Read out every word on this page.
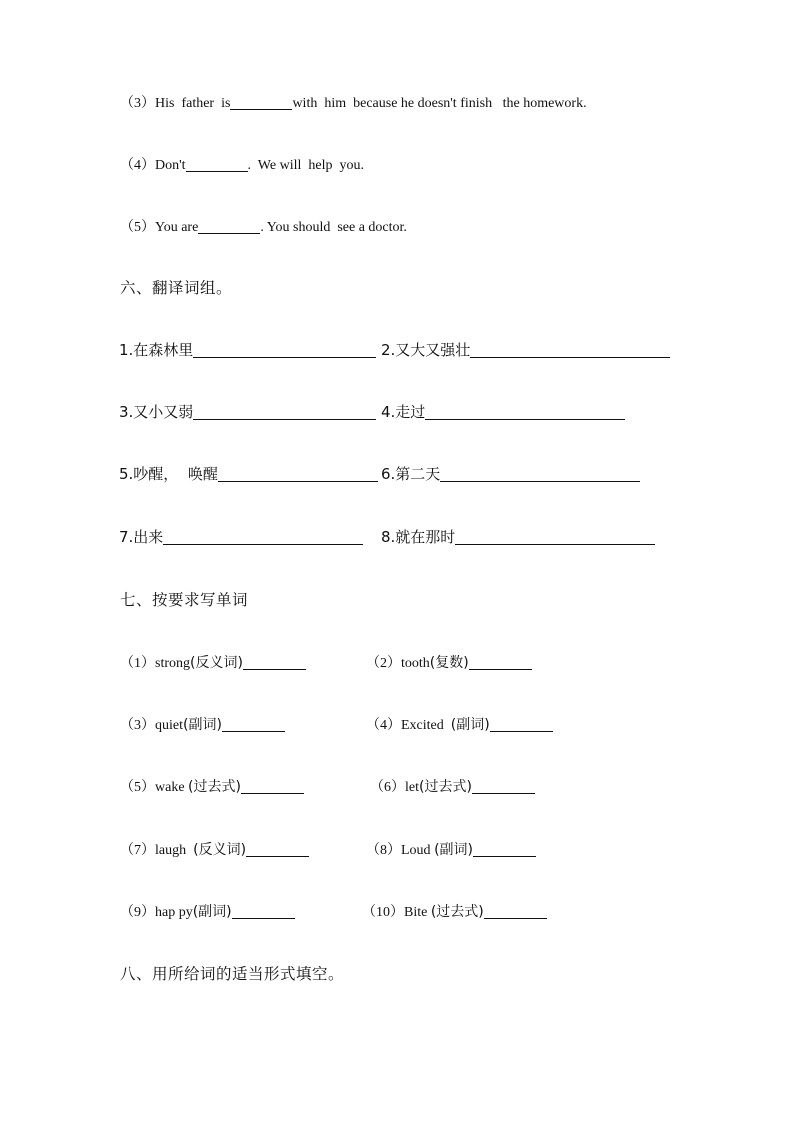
（3）His  father  is	with  him  because he doesn't finish   the homework.
（4）Don't	.  We will  help  you.
（5）You are	. You should  see a doctor.
六、翻译词组。
1.在森林里	2.又大又强壮
3.又小又弱	4.走过
5.吵醒，  唤醒	6.第二天
7.出来	8.就在那时
七、按要求写单词
（1）strong(反义词)	（2）tooth(复数)
（3）quiet(副词)	（4）Excited  (副词)
（5）wake (过去式)	（6）let(过去式)
（7）laugh  (反义词)	（8）Loud (副词)
（9）hap py(副词)	（10）Bite (过去式)
八、用所给词的适当形式填空。
